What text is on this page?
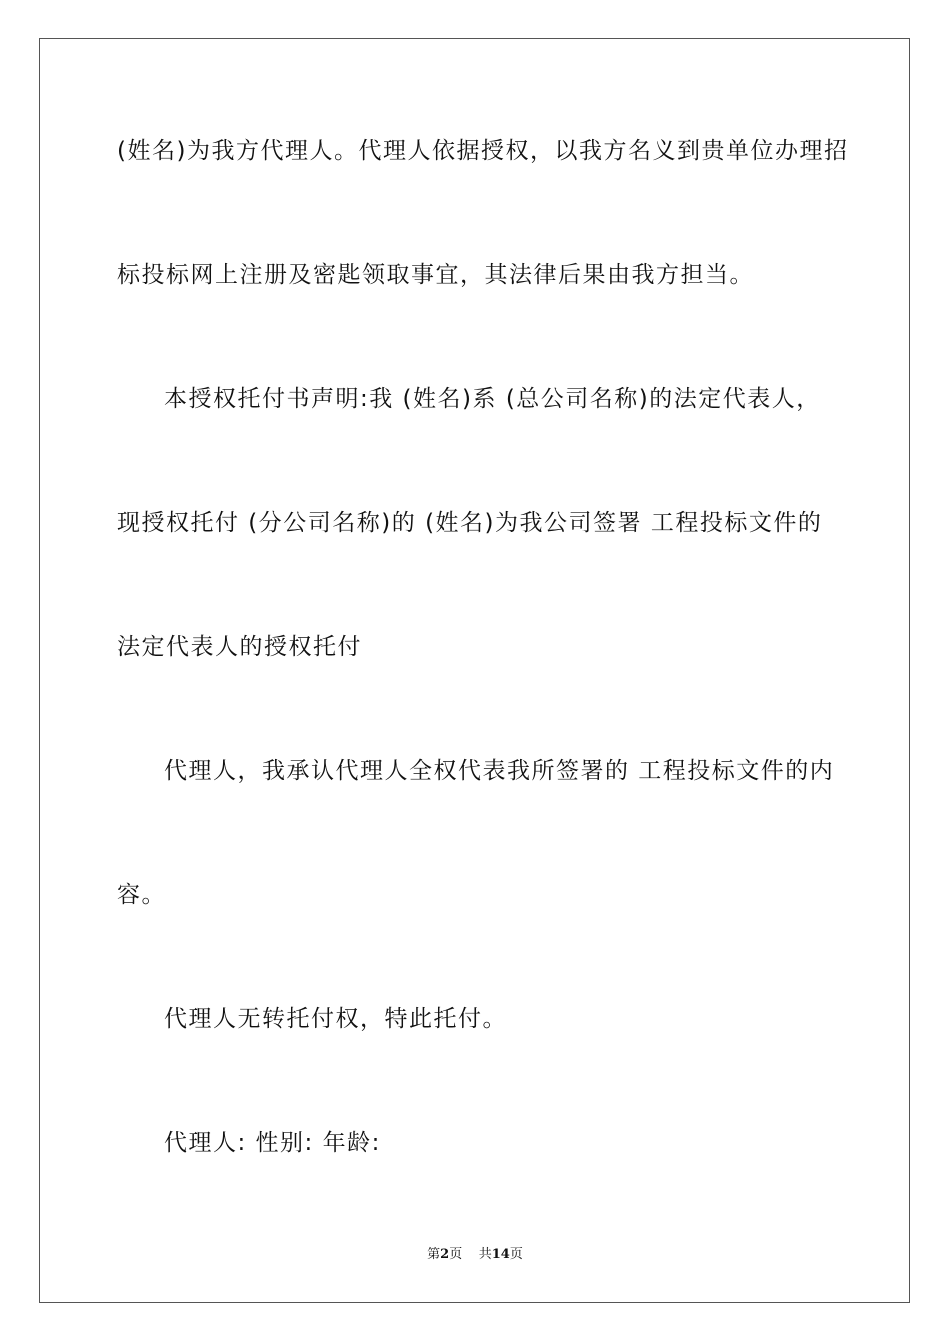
(姓名)为我方代理人。代理人依据授权，以我方名义到贵单位办理招
标投标网上注册及密匙领取事宜，其法律后果由我方担当。
本授权托付书声明:我 (姓名)系 (总公司名称)的法定代表人，
现授权托付 (分公司名称)的 (姓名)为我公司签署 工程投标文件的
法定代表人的授权托付
代理人，我承认代理人全权代表我所签署的 工程投标文件的内
容。
代理人无转托付权，特此托付。
代理人: 性别: 年龄:
第2页 共14页
